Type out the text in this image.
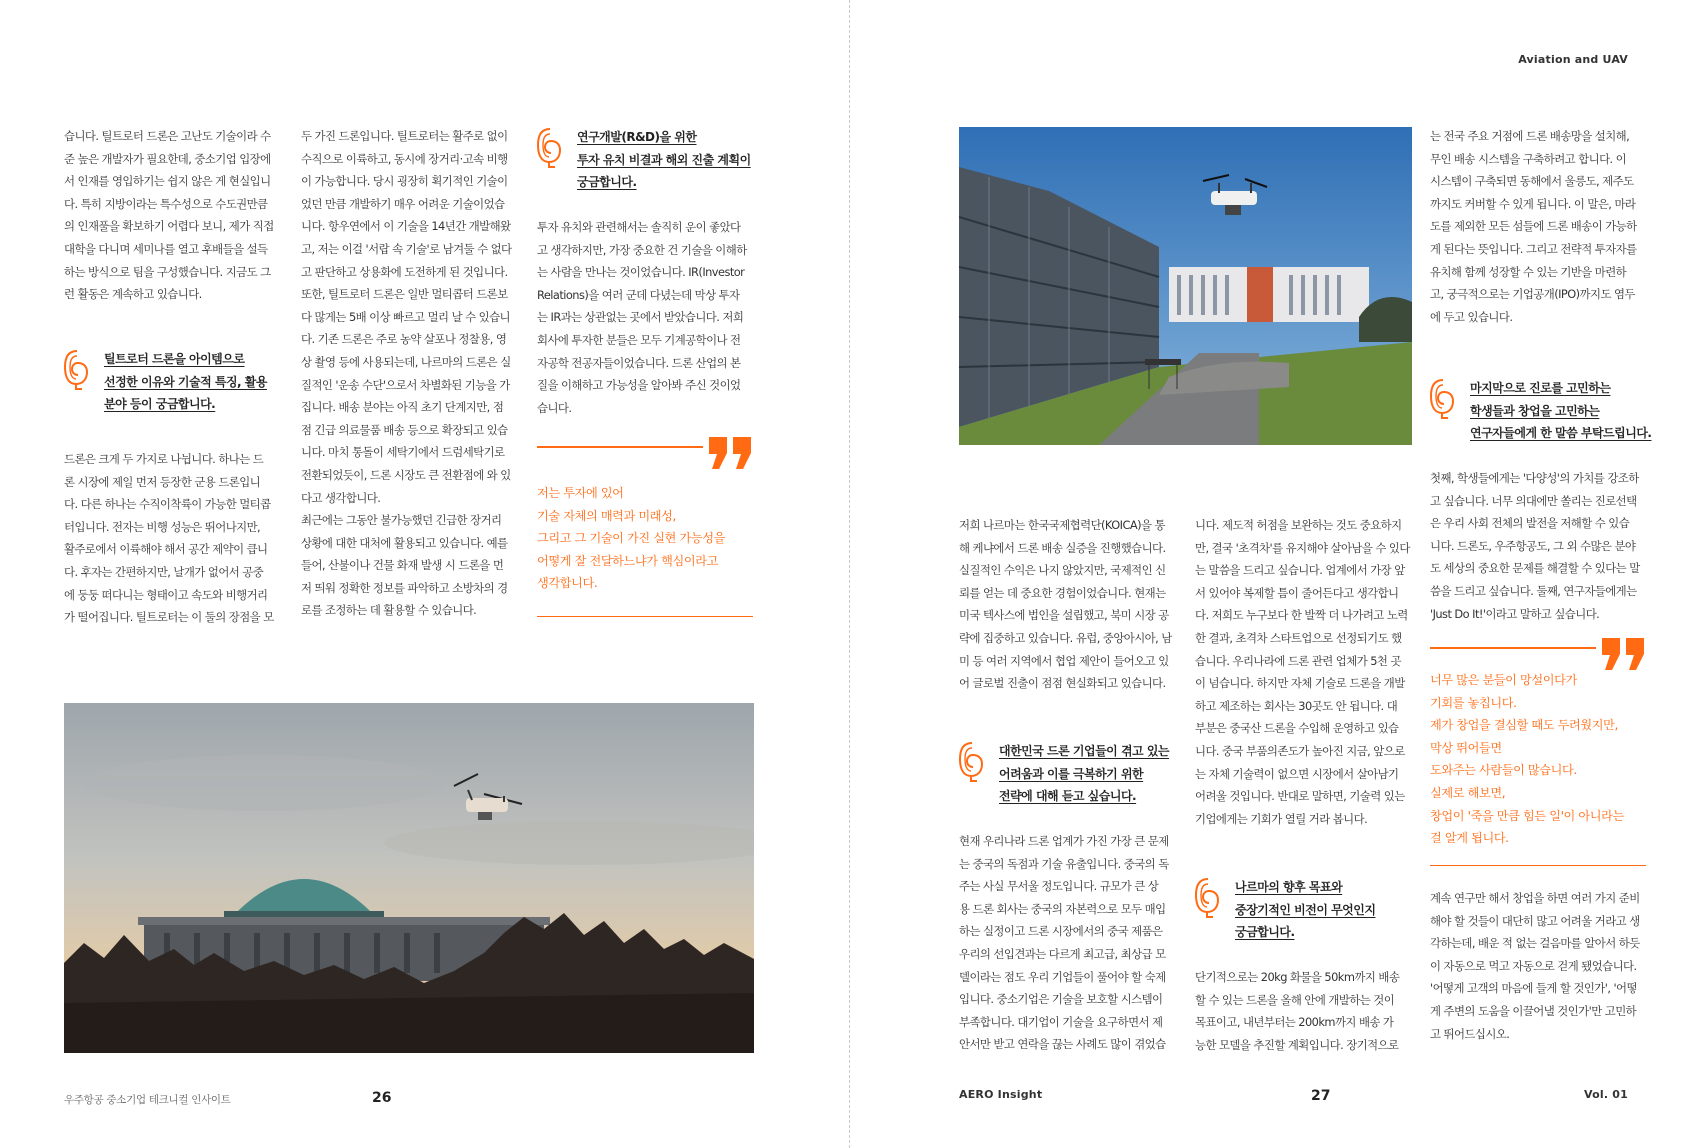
습니다. 틸트로터 드론은 고난도 기술이라 수

준 높은 개발자가 필요한데, 중소기업 입장에

서 인재를 영입하기는 쉽지 않은 게 현실입니

다. 특히 지방이라는 특수성으로 수도권만큼

의 인재풀을 확보하기 어렵다 보니, 제가 직접

대학을 다니며 세미나를 열고 후배들을 설득

하는 방식으로 팀을 구성했습니다. 지금도 그

런 활동은 계속하고 있습니다.

틸트로터 드론을 아이템으로
선정한 이유와 기술적 특징, 활용
분야 등이 궁금합니다.

드론은 크게 두 가지로 나뉩니다. 하나는 드

론 시장에 제일 먼저 등장한 군용 드론입니

다. 다른 하나는 수직이착륙이 가능한 멀티콥

터입니다. 전자는 비행 성능은 뛰어나지만,

활주로에서 이륙해야 해서 공간 제약이 큽니

다. 후자는 간편하지만, 날개가 없어서 공중

에 둥둥 떠다니는 형태이고 속도와 비행거리

가 떨어집니다. 틸트로터는 이 둘의 장점을 모

두 가진 드론입니다. 틸트로터는 활주로 없이

수직으로 이륙하고, 동시에 장거리·고속 비행

이 가능합니다. 당시 굉장히 획기적인 기술이

었던 만큼 개발하기 매우 어려운 기술이었습

니다. 항우연에서 이 기술을 14년간 개발해왔

고, 저는 이걸 '서랍 속 기술'로 남겨둘 수 없다

고 판단하고 상용화에 도전하게 된 것입니다.

또한, 틸트로터 드론은 일반 멀티콥터 드론보

다 많게는 5배 이상 빠르고 멀리 날 수 있습니

다. 기존 드론은 주로 농약 살포나 정찰용, 영

상 촬영 등에 사용되는데, 나르마의 드론은 실

질적인 '운송 수단'으로서 차별화된 기능을 가

집니다. 배송 분야는 아직 초기 단계지만, 점

점 긴급 의료물품 배송 등으로 확장되고 있습

니다. 마치 통돌이 세탁기에서 드럼세탁기로

전환되었듯이, 드론 시장도 큰 전환점에 와 있

다고 생각합니다.

최근에는 그동안 불가능했던 긴급한 장거리

상황에 대한 대처에 활용되고 있습니다. 예를

들어, 산불이나 건물 화재 발생 시 드론을 먼

저 띄워 정확한 정보를 파악하고 소방차의 경

로를 조정하는 데 활용할 수 있습니다.

연구개발(R&D)을 위한
투자 유치 비결과 해외 진출 계획이
궁금합니다.

투자 유치와 관련해서는 솔직히 운이 좋았다

고 생각하지만, 가장 중요한 건 기술을 이해하

는 사람을 만나는 것이었습니다. IR(Investor

Relations)을 여러 군데 다녔는데 막상 투자

는 IR과는 상관없는 곳에서 받았습니다. 저희

회사에 투자한 분들은 모두 기계공학이나 전

자공학 전공자들이었습니다. 드론 산업의 본

질을 이해하고 가능성을 알아봐 주신 것이었

습니다.

저는 투자에 있어
기술 자체의 매력과 미래성,
그리고 그 기술이 가진 실현 가능성을
어떻게 잘 전달하느냐가 핵심이라고
생각합니다.
우주항공 중소기업 테크니컬 인사이트	26
Aviation and UAV

저희 나르마는 한국국제협력단(KOICA)을 통

해 케냐에서 드론 배송 실증을 진행했습니다.

실질적인 수익은 나지 않았지만, 국제적인 신

뢰를 얻는 데 중요한 경험이었습니다. 현재는

미국 텍사스에 법인을 설립했고, 북미 시장 공

략에 집중하고 있습니다. 유럽, 중앙아시아, 남

미 등 여러 지역에서 협업 제안이 들어오고 있

어 글로벌 진출이 점점 현실화되고 있습니다.

대한민국 드론 기업들이 겪고 있는
어려움과 이를 극복하기 위한
전략에 대해 듣고 싶습니다.

현재 우리나라 드론 업계가 가진 가장 큰 문제

는 중국의 독점과 기술 유출입니다. 중국의 독

주는 사실 무서울 정도입니다. 규모가 큰 상

용 드론 회사는 중국의 자본력으로 모두 매입

하는 실정이고 드론 시장에서의 중국 제품은

우리의 선입견과는 다르게 최고급, 최상급 모

델이라는 점도 우리 기업들이 풀어야 할 숙제

입니다. 중소기업은 기술을 보호할 시스템이

부족합니다. 대기업이 기술을 요구하면서 제

안서만 받고 연락을 끊는 사례도 많이 겪었습

니다. 제도적 허점을 보완하는 것도 중요하지

만, 결국 '초격차'를 유지해야 살아남을 수 있다

는 말씀을 드리고 싶습니다. 업계에서 가장 앞

서 있어야 복제할 틈이 줄어든다고 생각합니

다. 저희도 누구보다 한 발짝 더 나가려고 노력

한 결과, 초격차 스타트업으로 선정되기도 했

습니다. 우리나라에 드론 관련 업체가 5천 곳

이 넘습니다. 하지만 자체 기술로 드론을 개발

하고 제조하는 회사는 30곳도 안 됩니다. 대

부분은 중국산 드론을 수입해 운영하고 있습

니다. 중국 부품의존도가 높아진 지금, 앞으로

는 자체 기술력이 없으면 시장에서 살아남기

어려울 것입니다. 반대로 말하면, 기술력 있는

기업에게는 기회가 열릴 거라 봅니다.

나르마의 향후 목표와
중장기적인 비전이 무엇인지
궁금합니다.

단기적으로는 20kg 화물을 50km까지 배송

할 수 있는 드론을 올해 안에 개발하는 것이

목표이고, 내년부터는 200km까지 배송 가

능한 모델을 추진할 계획입니다. 장기적으로

는 전국 주요 거점에 드론 배송망을 설치해,

무인 배송 시스템을 구축하려고 합니다. 이

시스템이 구축되면 동해에서 울릉도, 제주도

까지도 커버할 수 있게 됩니다. 이 말은, 마라

도를 제외한 모든 섬들에 드론 배송이 가능하

게 된다는 뜻입니다. 그리고 전략적 투자자를

유치해 함께 성장할 수 있는 기반을 마련하

고, 궁극적으로는 기업공개(IPO)까지도 염두

에 두고 있습니다.

마지막으로 진로를 고민하는
학생들과 창업을 고민하는
연구자들에게 한 말씀 부탁드립니다.

첫째, 학생들에게는 '다양성'의 가치를 강조하

고 싶습니다. 너무 의대에만 쏠리는 진로선택

은 우리 사회 전체의 발전을 저해할 수 있습

니다. 드론도, 우주항공도, 그 외 수많은 분야

도 세상의 중요한 문제를 해결할 수 있다는 말

씀을 드리고 싶습니다. 둘째, 연구자들에게는

'Just Do It!'이라고 말하고 싶습니다.

너무 많은 분들이 망설이다가
기회를 놓칩니다.
제가 창업을 결심할 때도 두려웠지만,
막상 뛰어들면
도와주는 사람들이 많습니다.
실제로 해보면,
창업이 '죽을 만큼 힘든 일'이 아니라는
걸 알게 됩니다.

계속 연구만 해서 창업을 하면 여러 가지 준비

해야 할 것들이 대단히 많고 어려울 거라고 생

각하는데, 배운 적 없는 걸음마를 알아서 하듯

이 자동으로 먹고 자동으로 걷게 됐었습니다.

'어떻게 고객의 마음에 들게 할 것인가', '어떻

게 주변의 도움을 이끌어낼 것인가'만 고민하

고 뛰어드십시오.

AERO Insight	27	Vol. 01
